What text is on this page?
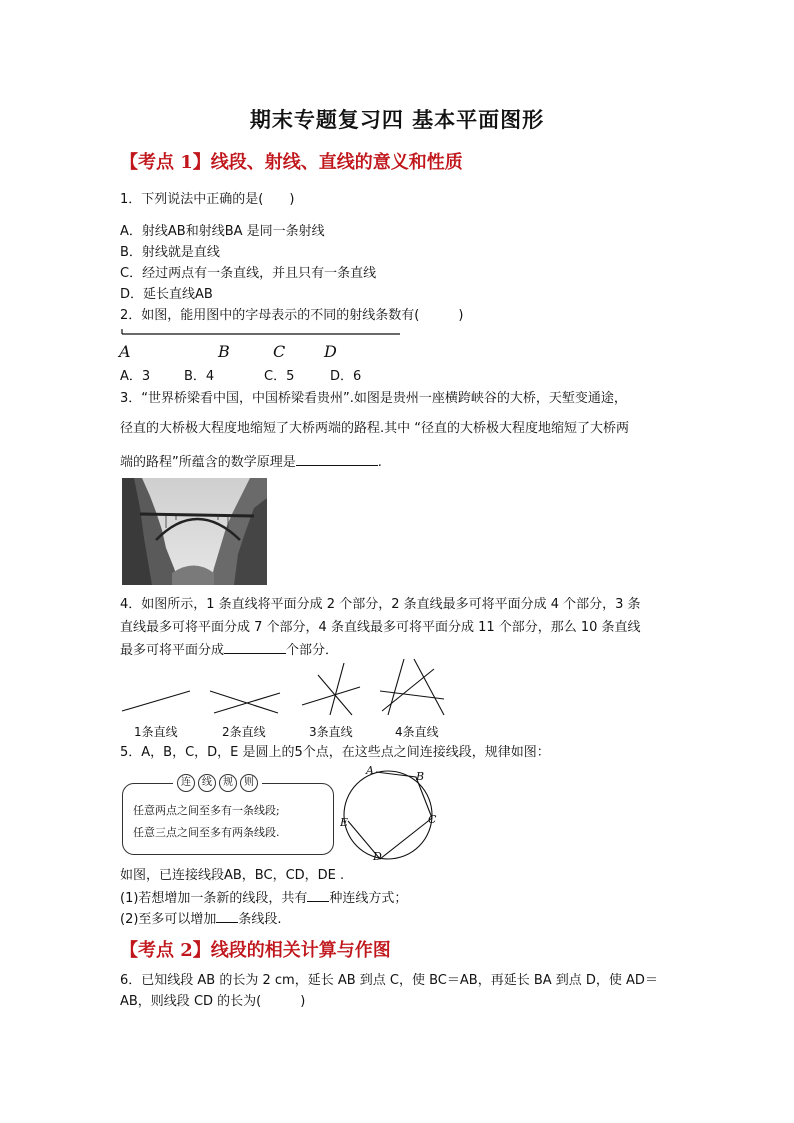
期末专题复习四 基本平面图形
【考点 1】线段、射线、直线的意义和性质
1．下列说法中正确的是(　　)
A．射线AB和射线BA 是同一条射线
B．射线就是直线
C．经过两点有一条直线，并且只有一条直线
D．延长直线AB
2．如图，能用图中的字母表示的不同的射线条数有(　　　)
A	B	C D
A．3	B．4	C．5	D．6
3．“世界桥梁看中国，中国桥梁看贵州”.如图是贵州一座横跨峡谷的大桥，天堑变通途，
径直的大桥极大程度地缩短了大桥两端的路程.其中 “径直的大桥极大程度地缩短了大桥两
端的路程”所蕴含的数学原理是	.
4．如图所示，1 条直线将平面分成 2 个部分，2 条直线最多可将平面分成 4 个部分，3 条
直线最多可将平面分成 7 个部分，4 条直线最多可将平面分成 11 个部分，那么 10 条直线
最多可将平面分成	个部分．
1条直线	2条直线	3条直线	4条直线
5．A，B，C，D，E 是圆上的5个点，在这些点之间连接线段，规律如图：
连	线	规	则
任意两点之间至多有一条线段;
任意三点之间至多有两条线段.
A	B
C
D
E
如图，已连接线段AB，BC，CD，DE .
(1)若想增加一条新的线段，共有 种连线方式；
(2)至多可以增加 条线段.
【考点 2】线段的相关计算与作图
6．已知线段 AB 的长为 2 cm，延长 AB 到点 C，使 BC＝AB，再延长 BA 到点 D，使 AD＝
AB，则线段 CD 的长为(　　　)
